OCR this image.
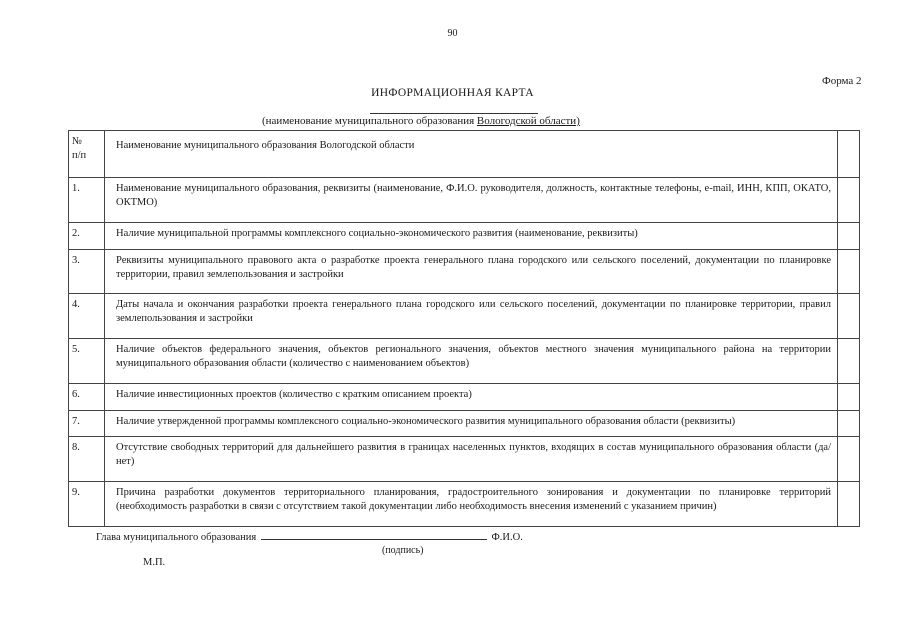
90
Форма 2
ИНФОРМАЦИОННАЯ КАРТА
(наименование муниципального образования Вологодской области)
№
п/п	Наименование муниципального образования Вологодской области	
1.	Наименование муниципального образования, реквизиты (наименование, Ф.И.О. руководителя, должность, контактные телефоны, e-mail, ИНН, КПП, ОКАТО, ОКТМО)	
2.	Наличие муниципальной программы комплексного социально-экономического развития (наименование, реквизиты)	
3.	Реквизиты муниципального правового акта о разработке проекта генерального плана городского или сельского поселений, документации по планировке территории, правил землепользования и застройки	
4.	Даты начала и окончания разработки проекта генерального плана городского или сельского поселений, документации по планировке территории, правил землепользования и застройки	
5.	Наличие объектов федерального значения, объектов регионального значения, объектов местного значения муниципального района на территории муниципального образования области (количество с наименованием объектов)	
6.	Наличие инвестиционных проектов (количество с кратким описанием проекта)	
7.	Наличие утвержденной программы комплексного социально-экономического развития муниципального образования области (реквизиты)	
8.	Отсутствие свободных территорий для дальнейшего развития в границах населенных пунктов, входящих в состав муниципального образования области (да/нет)	
9.	Причина разработки документов территориального планирования, градостроительного зонирования и документации по планировке территорий (необходимость разработки в связи с отсутствием такой документации либо необходимость внесения изменений с указанием причин)	
Глава муниципального образования	Ф.И.О.
(подпись)
М.П.
